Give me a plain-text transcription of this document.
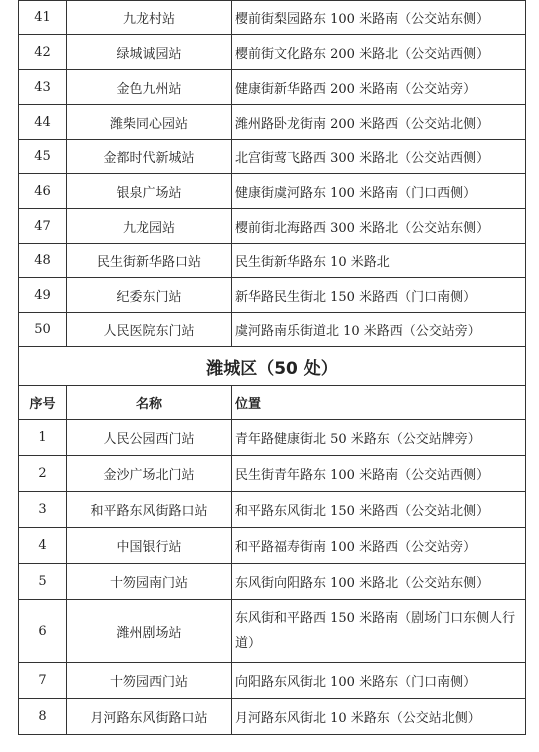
41	九龙村站	樱前街梨园路东 100 米路南（公交站东侧）
42	绿城诚园站	樱前街文化路东 200 米路北（公交站西侧）
43	金色九州站	健康街新华路西 200 米路南（公交站旁）
44	潍柴同心园站	潍州路卧龙街南 200 米路西（公交站北侧）
45	金都时代新城站	北宫街莺飞路西 300 米路北（公交站西侧）
46	银泉广场站	健康街虞河路东 100 米路南（门口西侧）
47	九龙园站	樱前街北海路西 300 米路北（公交站东侧）
48	民生街新华路口站	民生街新华路东 10 米路北
49	纪委东门站	新华路民生街北 150 米路西（门口南侧）
50	人民医院东门站	虞河路南乐街道北 10 米路西（公交站旁）
潍城区（50 处）		
序号	名称	位置
1	人民公园西门站	青年路健康街北 50 米路东（公交站牌旁）
2	金沙广场北门站	民生街青年路东 100 米路南（公交站西侧）
3	和平路东风街路口站	和平路东风街北 150 米路西（公交站北侧）
4	中国银行站	和平路福寿街南 100 米路西（公交站旁）
5	十笏园南门站	东风街向阳路东 100 米路北（公交站东侧）
6	潍州剧场站	东风街和平路西 150 米路南（剧场门口东侧人行道）
7	十笏园西门站	向阳路东风街北 100 米路东（门口南侧）
8	月河路东风街路口站	月河路东风街北 10 米路东（公交站北侧）
